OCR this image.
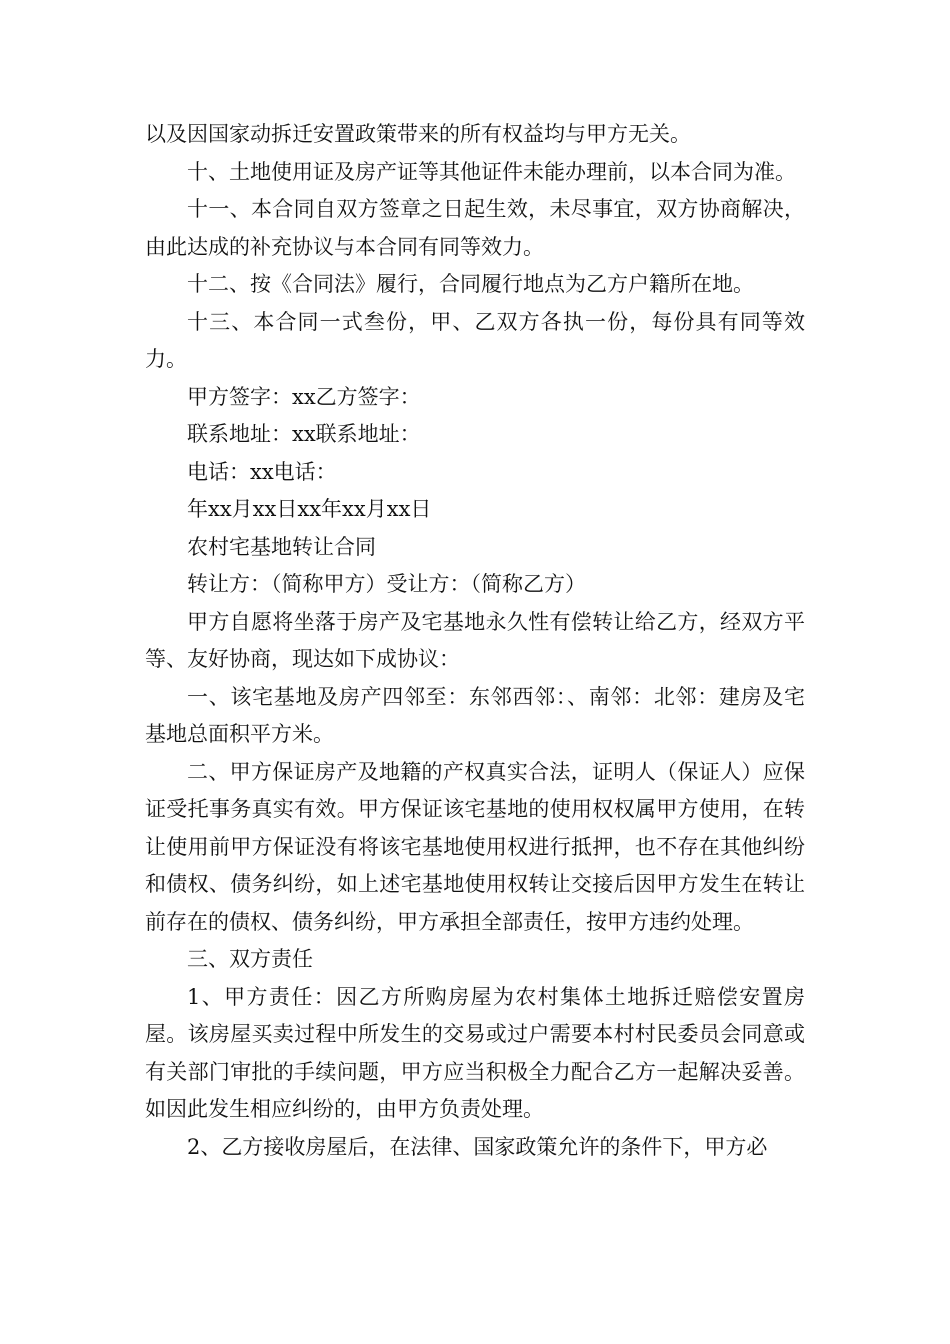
以及因国家动拆迁安置政策带来的所有权益均与甲方无关。

十、土地使用证及房产证等其他证件未能办理前，以本合同为准。

十一、本合同自双方签章之日起生效，未尽事宜，双方协商解决，由此达成的补充协议与本合同有同等效力。

十二、按《合同法》履行，合同履行地点为乙方户籍所在地。

十三、本合同一式叁份，甲、乙双方各执一份，每份具有同等效力。

甲方签字：xx乙方签字：

联系地址：xx联系地址：

电话：xx电话：

年xx月xx日xx年xx月xx日

农村宅基地转让合同

转让方：（简称甲方）受让方：（简称乙方）

甲方自愿将坐落于房产及宅基地永久性有偿转让给乙方，经双方平等、友好协商，现达如下成协议：

一、该宅基地及房产四邻至：东邻西邻：、南邻：北邻：建房及宅基地总面积平方米。

二、甲方保证房产及地籍的产权真实合法，证明人（保证人）应保证受托事务真实有效。甲方保证该宅基地的使用权权属甲方使用，在转让使用前甲方保证没有将该宅基地使用权进行抵押，也不存在其他纠纷和债权、债务纠纷，如上述宅基地使用权转让交接后因甲方发生在转让前存在的债权、债务纠纷，甲方承担全部责任，按甲方违约处理。

三、双方责任

1、甲方责任：因乙方所购房屋为农村集体土地拆迁赔偿安置房屋。该房屋买卖过程中所发生的交易或过户需要本村村民委员会同意或有关部门审批的手续问题，甲方应当积极全力配合乙方一起解决妥善。如因此发生相应纠纷的，由甲方负责处理。

2、乙方接收房屋后，在法律、国家政策允许的条件下，甲方必
